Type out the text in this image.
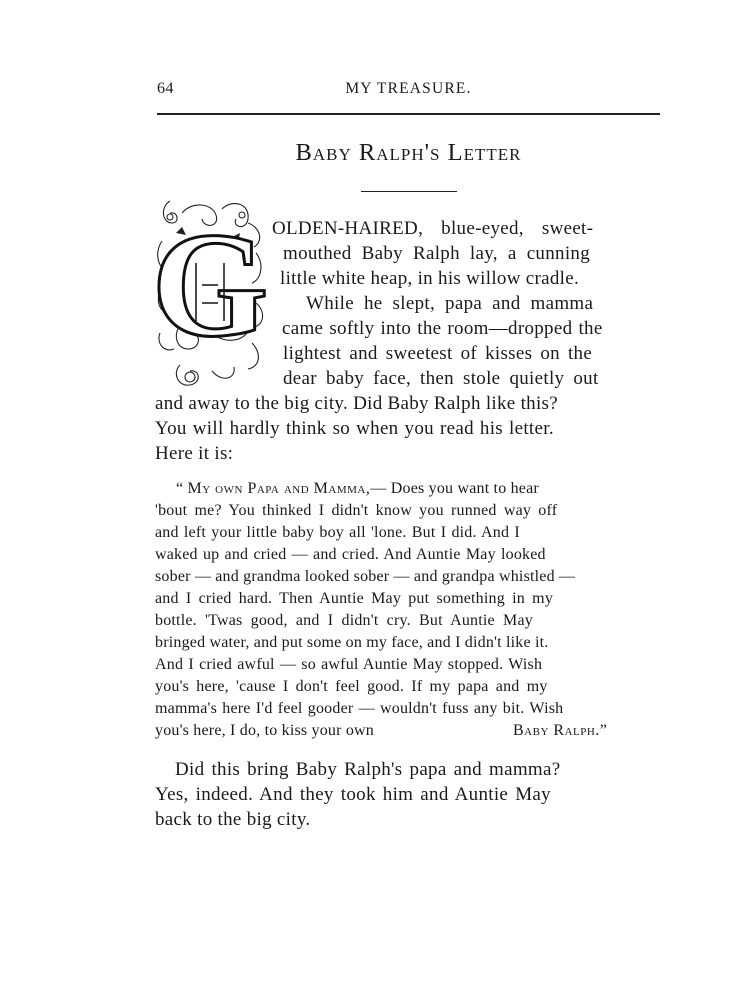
64	MY TREASURE.
Baby Ralph's Letter
G OLDEN-HAIRED, blue-eyed, sweet-
mouthed Baby Ralph lay, a cunning
little white heap, in his willow cradle.
While he slept, papa and mamma
came softly into the room—dropped the
lightest and sweetest of kisses on the
dear baby face, then stole quietly out
and away to the big city. Did Baby Ralph like this?
You will hardly think so when you read his letter.
Here it is:
“ My own Papa and Mamma,— Does you want to hear
'bout me? You thinked I didn't know you runned way off
and left your little baby boy all 'lone. But I did. And I
waked up and cried — and cried. And Auntie May looked
sober — and grandma looked sober — and grandpa whistled —
and I cried hard. Then Auntie May put something in my
bottle. 'Twas good, and I didn't cry. But Auntie May
bringed water, and put some on my face, and I didn't like it.
And I cried awful — so awful Auntie May stopped. Wish
you's here, 'cause I don't feel good. If my papa and my
mamma's here I'd feel gooder — wouldn't fuss any bit. Wish
you's here, I do, to kiss your own	Baby Ralph.”
Did this bring Baby Ralph's papa and mamma?
Yes, indeed. And they took him and Auntie May
back to the big city.
